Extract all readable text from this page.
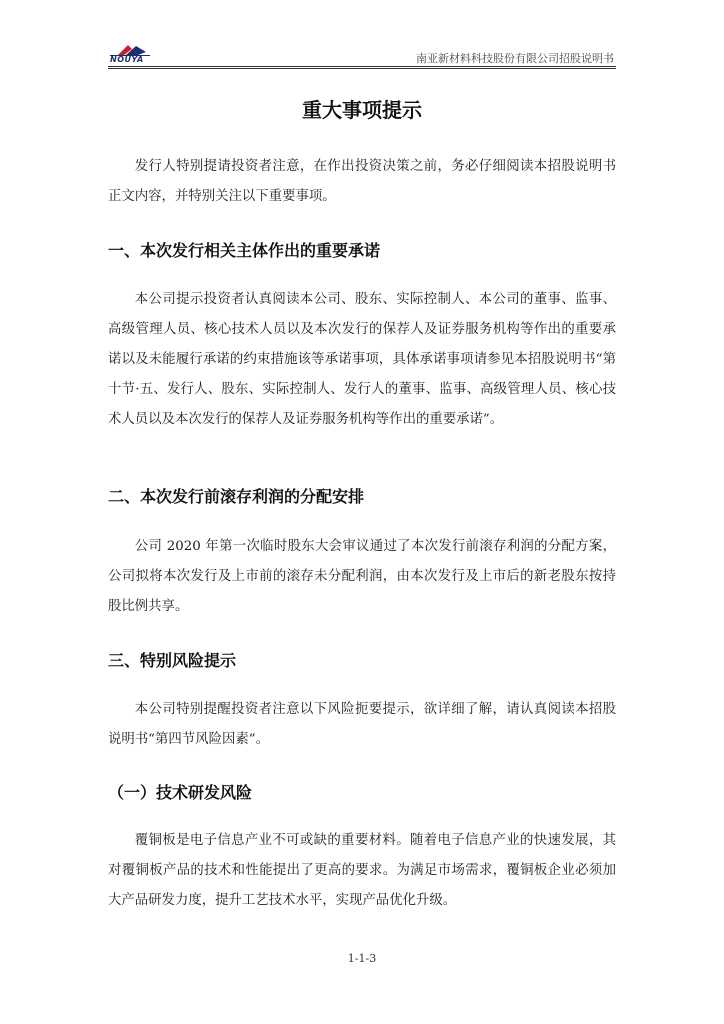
NOUYA	南亚新材料科技股份有限公司招股说明书
重大事项提示

发行人特别提请投资者注意，在作出投资决策之前，务必仔细阅读本招股说明书正文内容，并特别关注以下重要事项。

一、本次发行相关主体作出的重要承诺

本公司提示投资者认真阅读本公司、股东、实际控制人、本公司的董事、监事、高级管理人员、核心技术人员以及本次发行的保荐人及证券服务机构等作出的重要承诺以及未能履行承诺的约束措施该等承诺事项，具体承诺事项请参见本招股说明书“第十节·五、发行人、股东、实际控制人、发行人的董事、监事、高级管理人员、核心技术人员以及本次发行的保荐人及证券服务机构等作出的重要承诺”。

二、本次发行前滚存利润的分配安排

公司 2020 年第一次临时股东大会审议通过了本次发行前滚存利润的分配方案，公司拟将本次发行及上市前的滚存未分配利润，由本次发行及上市后的新老股东按持股比例共享。

三、特别风险提示

本公司特别提醒投资者注意以下风险扼要提示，欲详细了解，请认真阅读本招股说明书“第四节风险因素”。

（一）技术研发风险

覆铜板是电子信息产业不可或缺的重要材料。随着电子信息产业的快速发展，其对覆铜板产品的技术和性能提出了更高的要求。为满足市场需求，覆铜板企业必须加大产品研发力度，提升工艺技术水平，实现产品优化升级。

1-1-3
